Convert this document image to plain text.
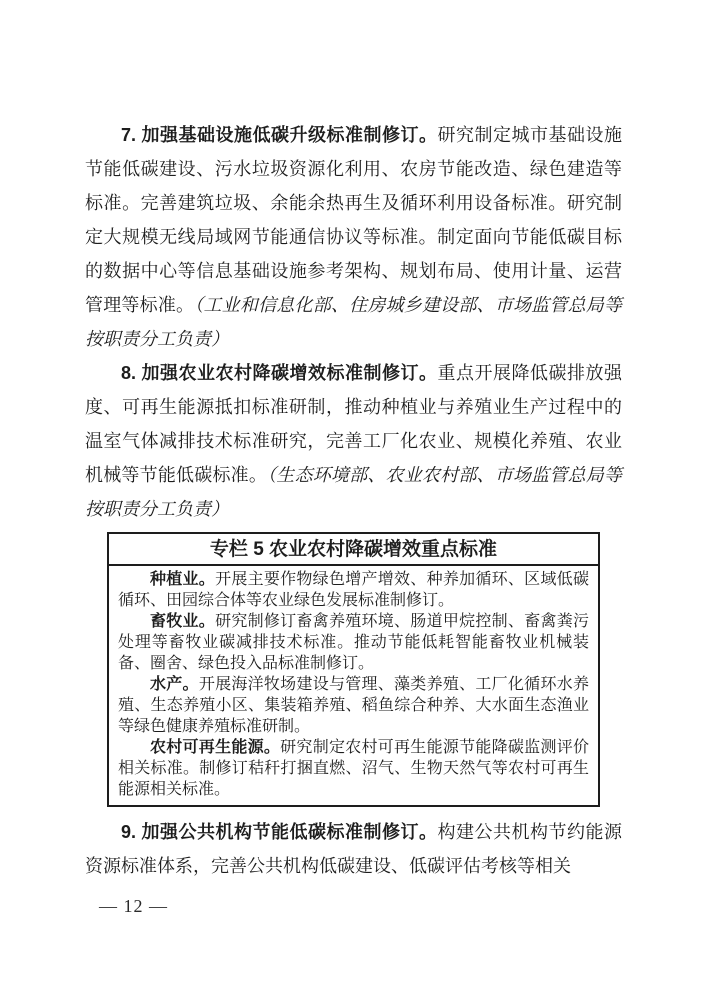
7. 加强基础设施低碳升级标准制修订。研究制定城市基础设施节能低碳建设、污水垃圾资源化利用、农房节能改造、绿色建造等标准。完善建筑垃圾、余能余热再生及循环利用设备标准。研究制定大规模无线局域网节能通信协议等标准。制定面向节能低碳目标的数据中心等信息基础设施参考架构、规划布局、使用计量、运营管理等标准。（工业和信息化部、住房城乡建设部、市场监管总局等按职责分工负责）

8. 加强农业农村降碳增效标准制修订。重点开展降低碳排放强度、可再生能源抵扣标准研制，推动种植业与养殖业生产过程中的温室气体减排技术标准研究，完善工厂化农业、规模化养殖、农业机械等节能低碳标准。（生态环境部、农业农村部、市场监管总局等按职责分工负责）

专栏 5 农业农村降碳增效重点标准

种植业。开展主要作物绿色增产增效、种养加循环、区域低碳循环、田园综合体等农业绿色发展标准制修订。

畜牧业。研究制修订畜禽养殖环境、肠道甲烷控制、畜禽粪污处理等畜牧业碳减排技术标准。推动节能低耗智能畜牧业机械装备、圈舍、绿色投入品标准制修订。

水产。开展海洋牧场建设与管理、藻类养殖、工厂化循环水养殖、生态养殖小区、集装箱养殖、稻鱼综合种养、大水面生态渔业等绿色健康养殖标准研制。

农村可再生能源。研究制定农村可再生能源节能降碳监测评价相关标准。制修订秸秆打捆直燃、沼气、生物天然气等农村可再生能源相关标准。

9. 加强公共机构节能低碳标准制修订。构建公共机构节约能源资源标准体系，完善公共机构低碳建设、低碳评估考核等相关

— 12 —
